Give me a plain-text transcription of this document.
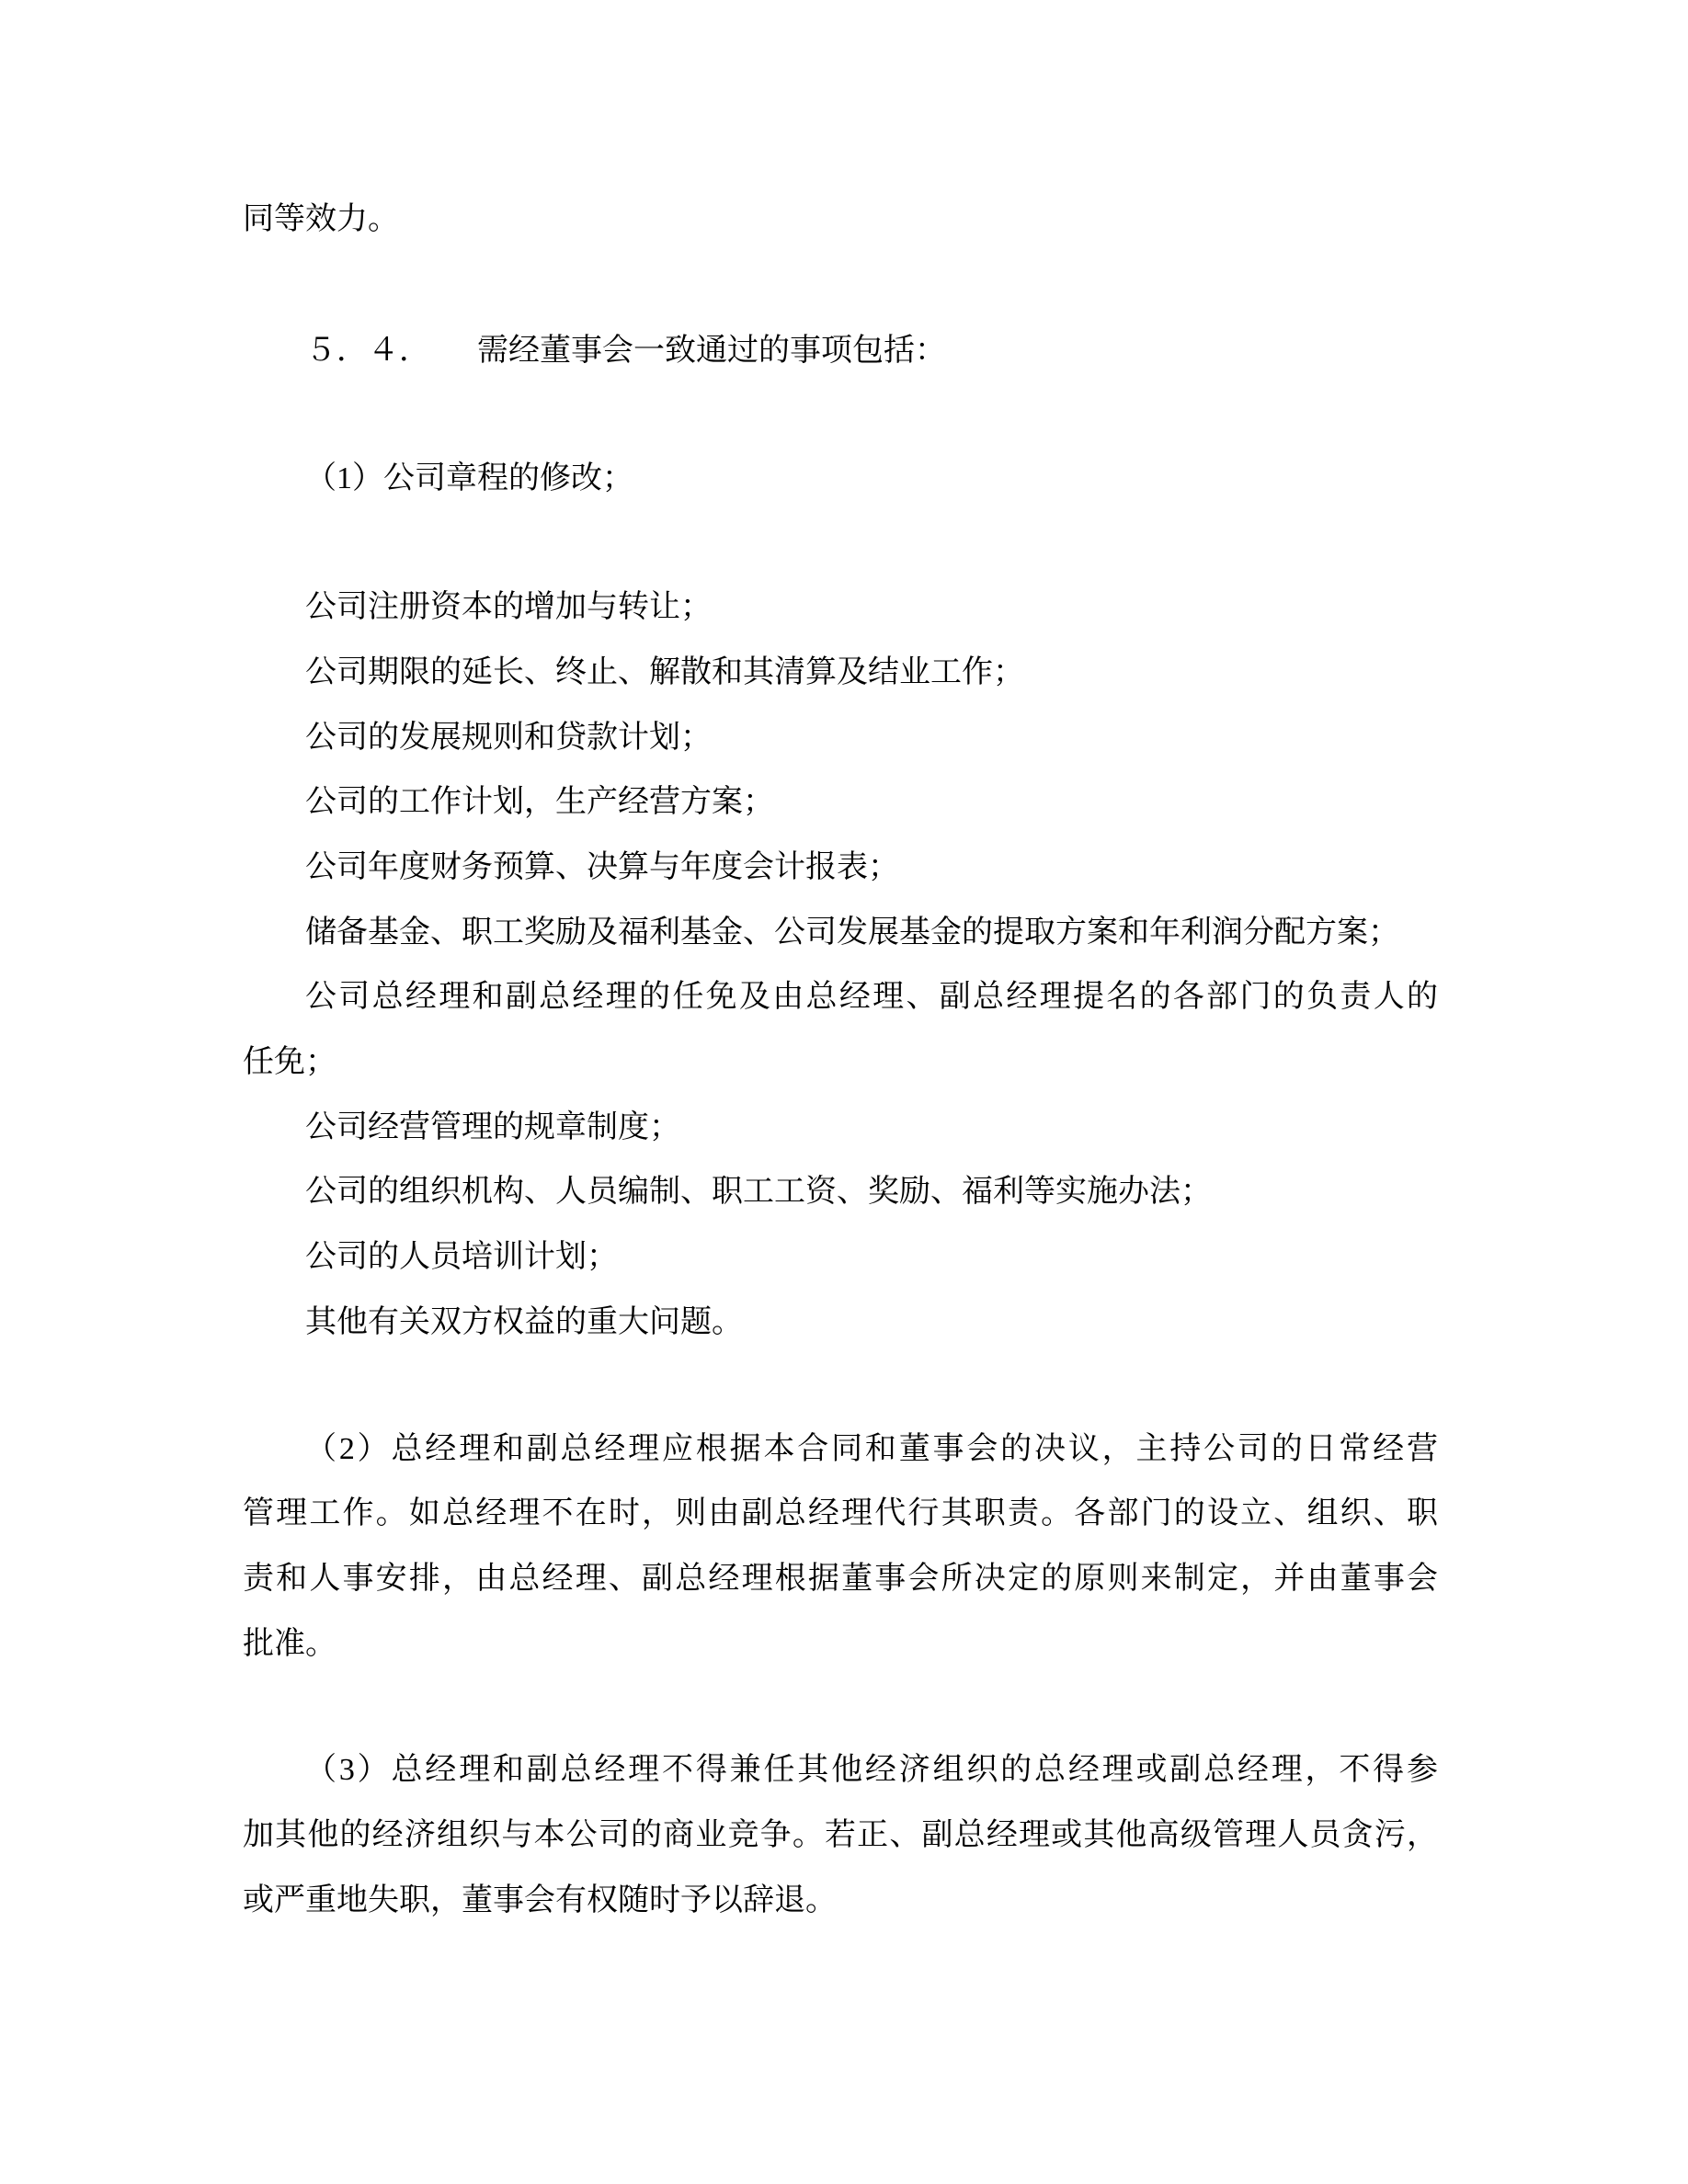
同等效力。
５．４．　　需经董事会一致通过的事项包括：
（1）公司章程的修改；
公司注册资本的增加与转让；
公司期限的延长、终止、解散和其清算及结业工作；
公司的发展规则和贷款计划；
公司的工作计划，生产经营方案；
公司年度财务预算、决算与年度会计报表；
储备基金、职工奖励及福利基金、公司发展基金的提取方案和年利润分配方案；
公司总经理和副总经理的任免及由总经理、副总经理提名的各部门的负责人的
任免；
公司经营管理的规章制度；
公司的组织机构、人员编制、职工工资、奖励、福利等实施办法；
公司的人员培训计划；
其他有关双方权益的重大问题。
（2）总经理和副总经理应根据本合同和董事会的决议，主持公司的日常经营
管理工作。如总经理不在时，则由副总经理代行其职责。各部门的设立、组织、职
责和人事安排，由总经理、副总经理根据董事会所决定的原则来制定，并由董事会
批准。
（3）总经理和副总经理不得兼任其他经济组织的总经理或副总经理，不得参
加其他的经济组织与本公司的商业竞争。若正、副总经理或其他高级管理人员贪污，
或严重地失职，董事会有权随时予以辞退。
